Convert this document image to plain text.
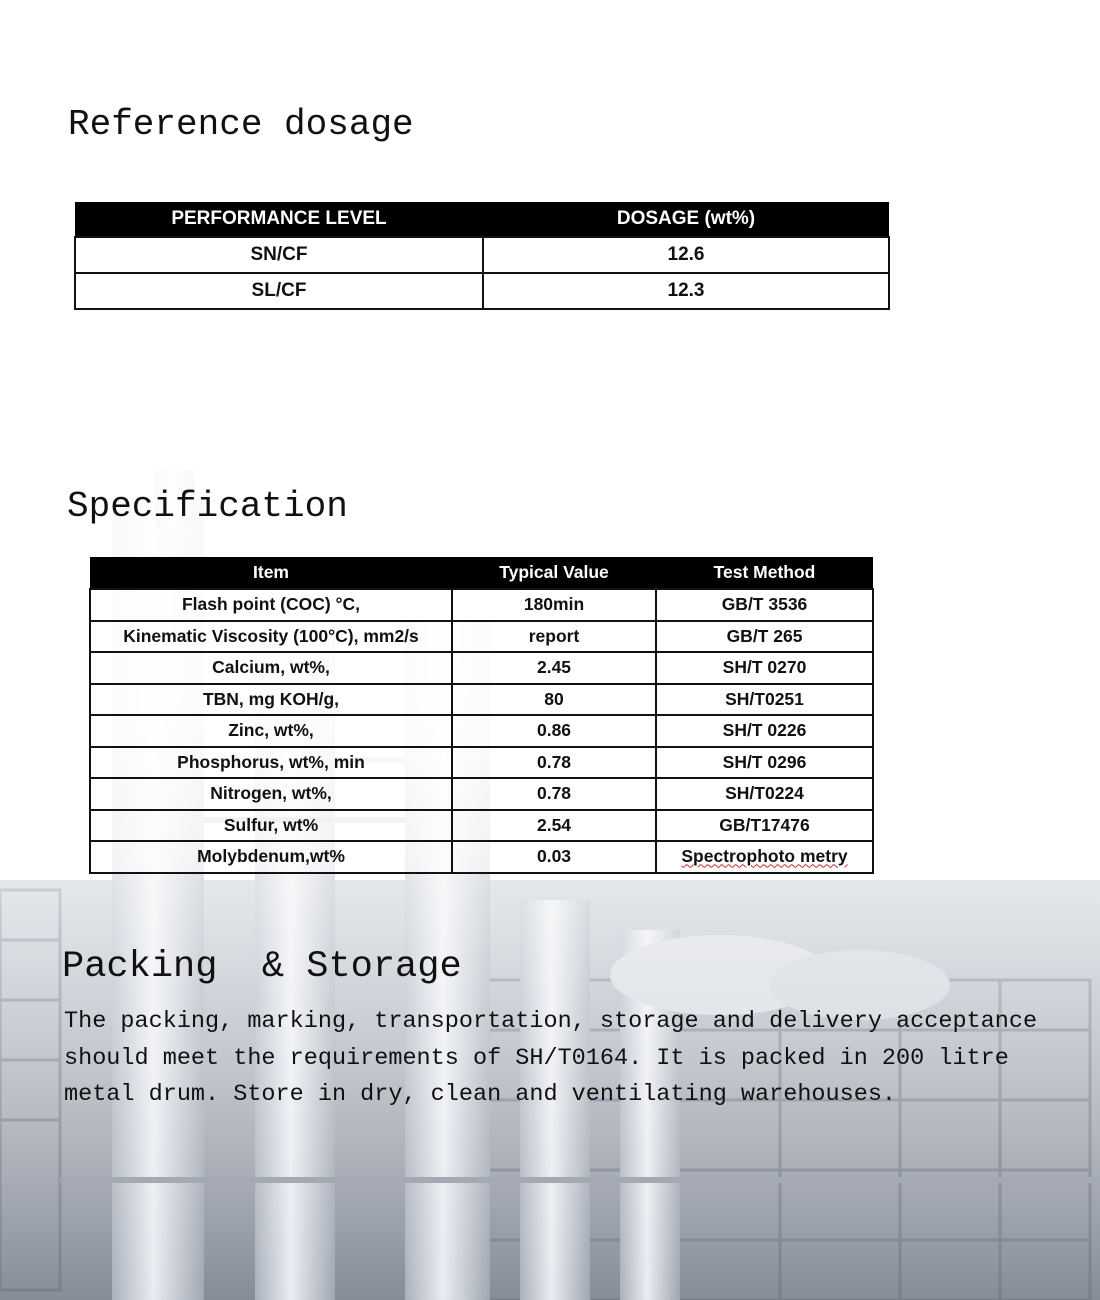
Reference dosage
PERFORMANCE LEVEL	DOSAGE (wt%)
SN/CF	12.6
SL/CF	12.3
Specification
Item	Typical Value	Test Method
Flash point (COC) °C,	180min	GB/T 3536
Kinematic Viscosity (100°C), mm2/s	report	GB/T 265
Calcium, wt%,	2.45	SH/T 0270
TBN, mg KOH/g,	80	SH/T0251
Zinc, wt%,	0.86	SH/T 0226
Phosphorus, wt%, min	0.78	SH/T 0296
Nitrogen, wt%,	0.78	SH/T0224
Sulfur, wt%	2.54	GB/T17476
Molybdenum,wt%	0.03	Spectrophoto metry
Packing  & Storage

The packing, marking, transportation, storage and delivery acceptance should meet the requirements of SH/T0164. It is packed in 200 litre metal drum. Store in dry, clean and ventilating warehouses.
